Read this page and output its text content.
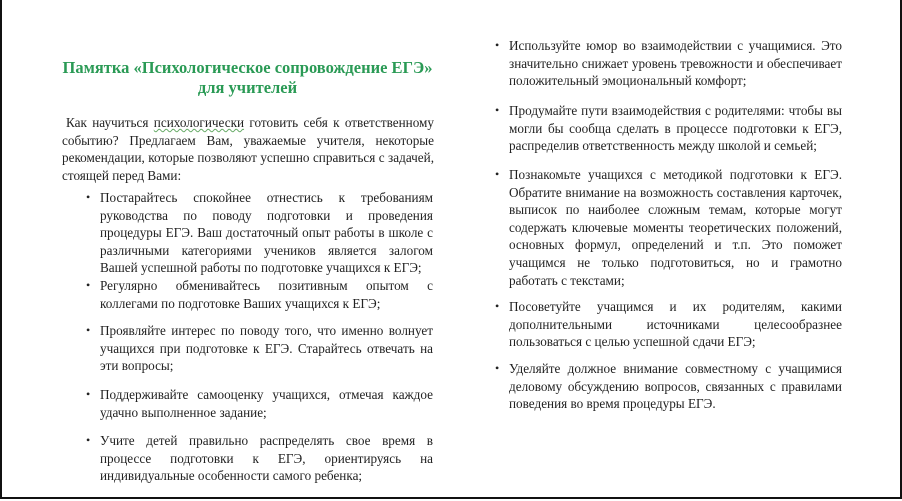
Памятка «Психологическое сопровождение ЕГЭ» для учителей
Как научиться психологически готовить себя к ответственному событию? Предлагаем Вам, уважаемые учителя, некоторые рекомендации, которые позволяют успешно справиться с задачей, стоящей перед Вами:
• Постарайтесь спокойнее отнестись к требованиям руководства по поводу подготовки и проведения процедуры ЕГЭ. Ваш достаточный опыт работы в школе с различными категориями учеников является залогом Вашей успешной работы по подготовке учащихся к ЕГЭ;
• Регулярно обменивайтесь позитивным опытом с коллегами по подготовке Ваших учащихся к ЕГЭ;
• Проявляйте интерес по поводу того, что именно волнует учащихся при подготовке к ЕГЭ. Старайтесь отвечать на эти вопросы;
• Поддерживайте самооценку учащихся, отмечая каждое удачно выполненное задание;
• Учите детей правильно распределять свое время в процессе подготовки к ЕГЭ, ориентируясь на индивидуальные особенности самого ребенка;
• Используйте юмор во взаимодействии с учащимися. Это значительно снижает уровень тревожности и обеспечивает положительный эмоциональный комфорт;
• Продумайте пути взаимодействия с родителями: чтобы вы могли бы сообща сделать в процессе подготовки к ЕГЭ, распределив ответственность между школой и семьей;
• Познакомьте учащихся с методикой подготовки к ЕГЭ. Обратите внимание на возможность составления карточек, выписок по наиболее сложным темам, которые могут содержать ключевые моменты теоретических положений, основных формул, определений и т.п. Это поможет учащимся не только подготовиться, но и грамотно работать с текстами;
• Посоветуйте учащимся и их родителям, какими дополнительными источниками целесообразнее пользоваться с целью успешной сдачи ЕГЭ;
• Уделяйте должное внимание совместному с учащимися деловому обсуждению вопросов, связанных с правилами поведения во время процедуры ЕГЭ.
